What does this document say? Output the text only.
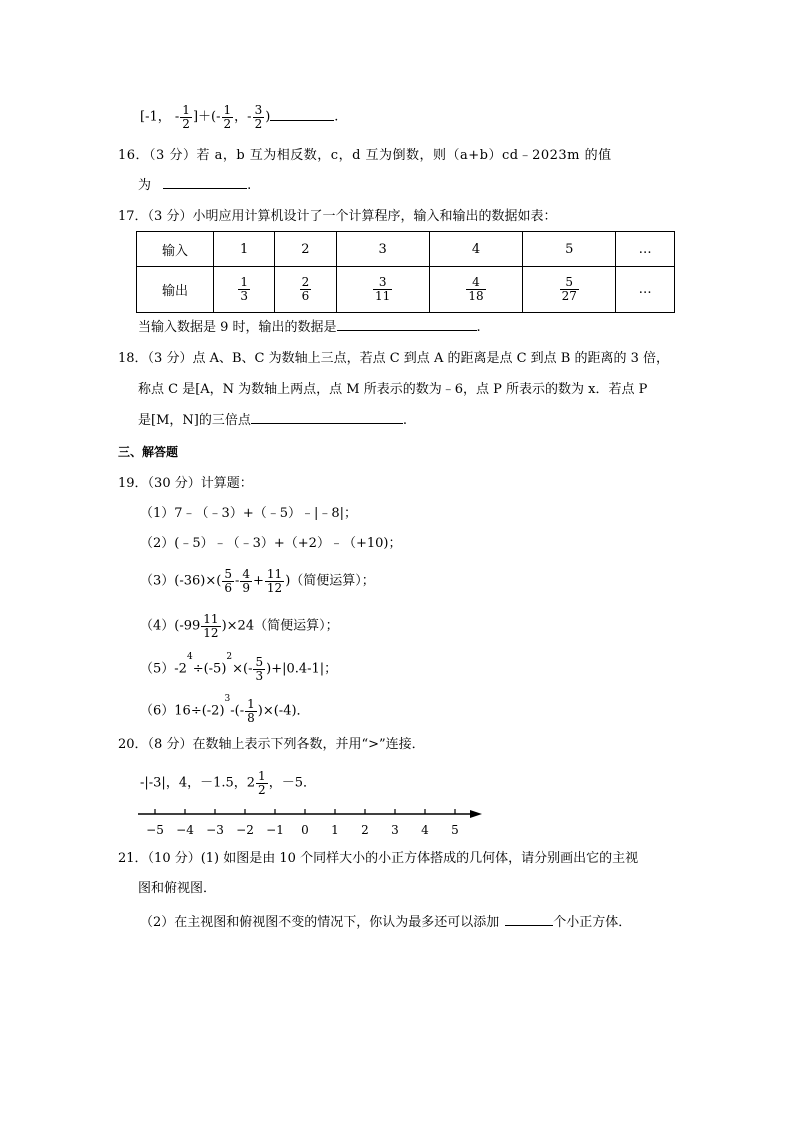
[-1， - $\frac{1}{2}$ ]＋(- $\frac{1}{2}$ ，- $\frac{3}{2}$ )	.
16．（3 分）若 a，b 互为相反数，c，d 互为倒数，则（a+b）cd﹣2023m 的值
为	.
17．（3 分）小明应用计算机设计了一个计算程序，输入和输出的数据如表：
输入	1	2	3	4	5	…
输出	$\frac{1}{3}$	$\frac{2}{6}$	$\frac{3}{11}$	$\frac{4}{18}$	$\frac{5}{27}$	…
当输入数据是 9 时，输出的数据是	.
18．（3 分）点 A、B、C 为数轴上三点，若点 C 到点 A 的距离是点 C 到点 B 的距离的 3 倍，
称点 C 是[A，N 为数轴上两点，点 M 所表示的数为﹣6，点 P 所表示的数为 x．若点 P
是[M，N]的三倍点	.
三、解答题
19．（30 分）计算题：
（1）7﹣（﹣3）+（﹣5）﹣|﹣8|；
（2）(﹣5）﹣（﹣3）+（+2）﹣（+10)；
$(3)(-36)\times( \frac{5}{6} - \frac{4}{9} + \frac{11}{12}$ )（简便运算）；
$(4)(-99 \frac{11}{12} )\times 24$（简便运算）；
$(5)-2^4\div(-5)^2\times(- \frac{5}{3} )+|0.4-1|$；
$(6)16\div(-2)^3-(- \frac{1}{8} )\times(-4)$．
20．（8 分）在数轴上表示下列各数，并用“>”连接．
-|-3|，4，－1.5，$2 \frac{1}{2}$ ，－5．
−5 −4 −3 −2 −1 0 1 2 3 4 5
21．（10 分）(1) 如图是由 10 个同样大小的小正方体搭成的几何体，请分别画出它的主视
图和俯视图．
（2）在主视图和俯视图不变的情况下，你认为最多还可以添加	个小正方体．
